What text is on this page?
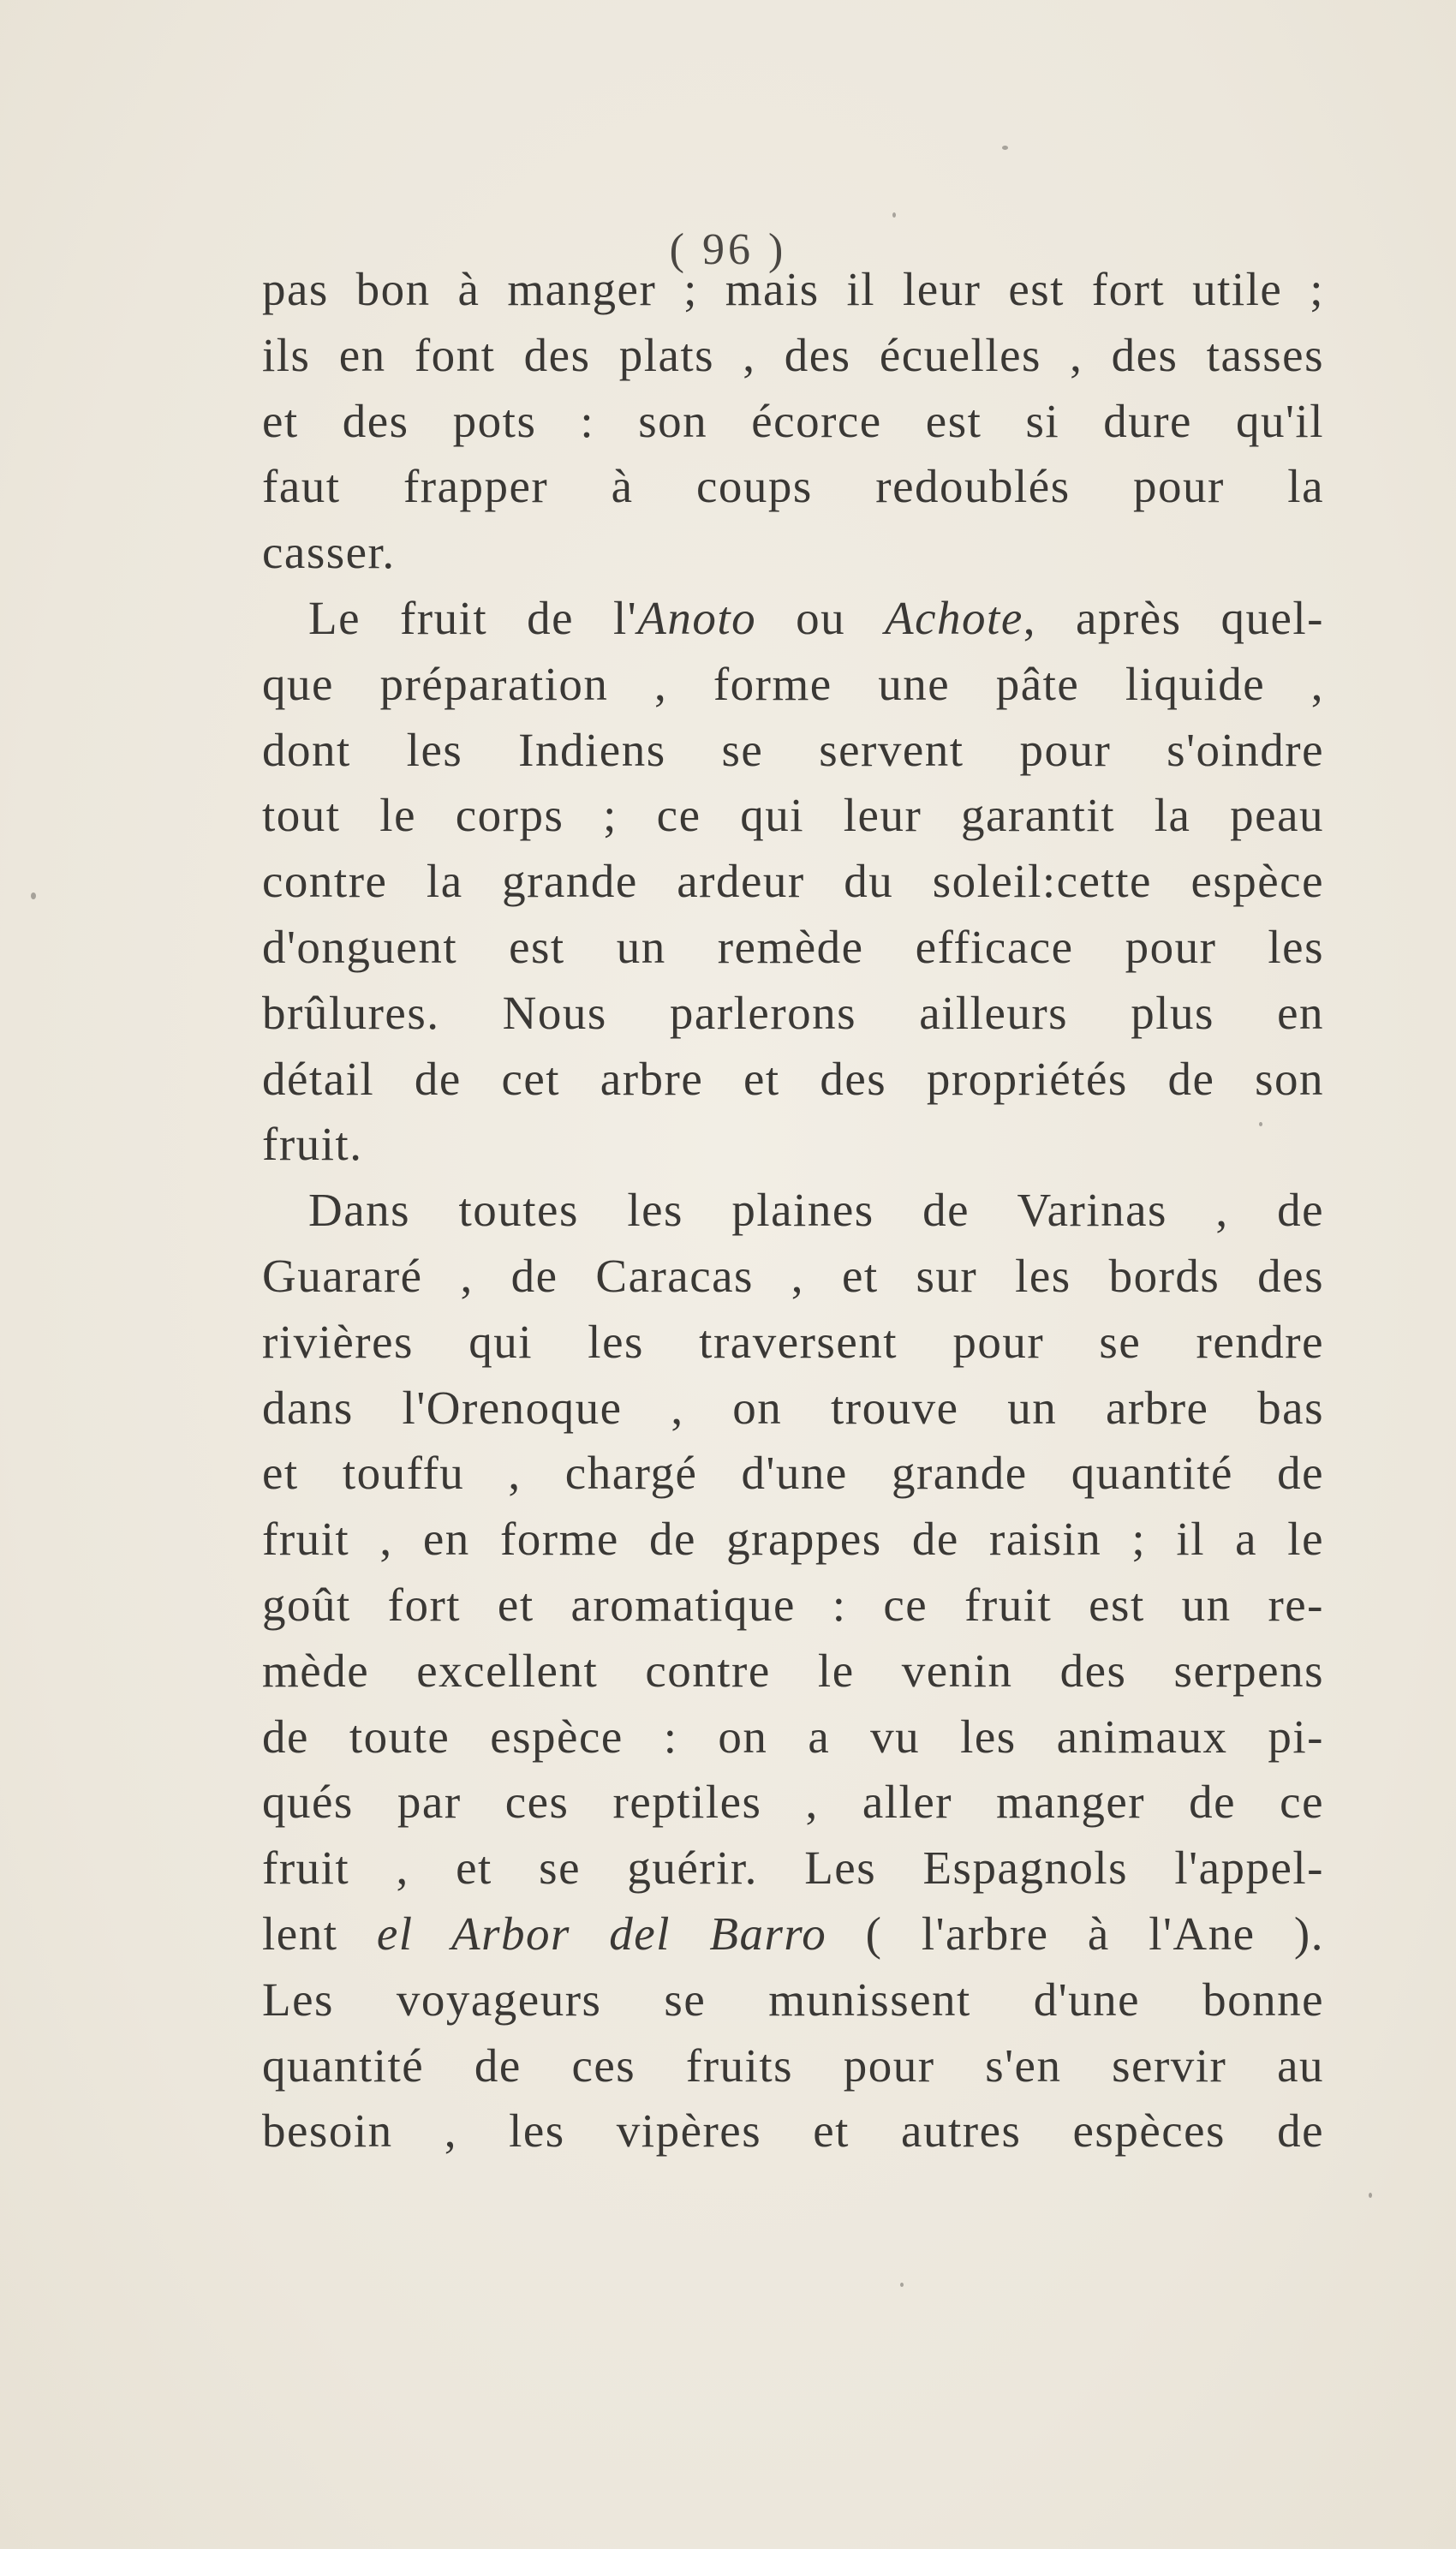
( 96 )
pas bon à manger ; mais il leur est fort utile ;
ils en font des plats , des écuelles , des tasses
et des pots : son écorce est si dure qu'il
faut frapper à coups redoublés pour la
casser.
Le fruit de l'Anoto ou Achote, après quel-
que préparation , forme une pâte liquide ,
dont les Indiens se servent pour s'oindre
tout le corps ; ce qui leur garantit la peau
contre la grande ardeur du soleil:cette espèce
d'onguent est un remède efficace pour les
brûlures. Nous parlerons ailleurs plus en
détail de cet arbre et des propriétés de son
fruit.
Dans toutes les plaines de Varinas , de
Guararé , de Caracas , et sur les bords des
rivières qui les traversent pour se rendre
dans l'Orenoque , on trouve un arbre bas
et touffu , chargé d'une grande quantité de
fruit , en forme de grappes de raisin ; il a le
goût fort et aromatique : ce fruit est un re-
mède excellent contre le venin des serpens
de toute espèce : on a vu les animaux pi-
qués par ces reptiles , aller manger de ce
fruit , et se guérir. Les Espagnols l'appel-
lent el Arbor del Barro ( l'arbre à l'Ane ).
Les voyageurs se munissent d'une bonne
quantité de ces fruits pour s'en servir au
besoin , les vipères et autres espèces de
